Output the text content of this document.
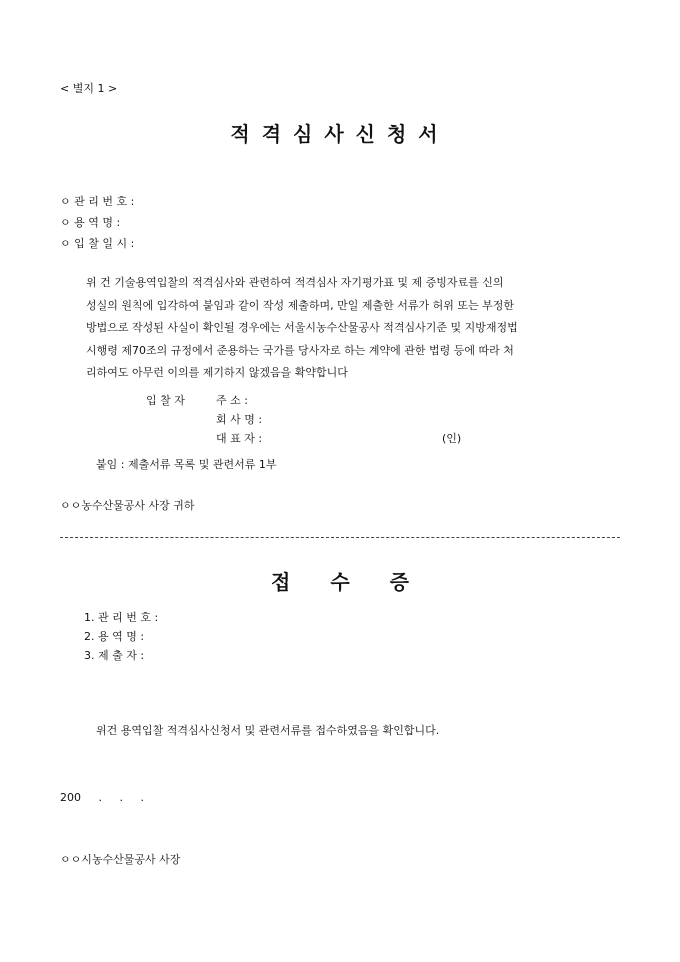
< 별지 1 >
적격심사신청서
ㅇ 관 리 번 호 :
ㅇ 용 역 명 :
ㅇ 입 찰 일 시 :
위 건 기술용역입찰의 적격심사와 관련하여 적격심사 자기평가표 및 제 증빙자료를 신의
성실의 원칙에 입각하여 붙임과 같이 작성 제출하며, 만일 제출한 서류가 허위 또는 부정한
방법으로 작성된 사실이 확인될 경우에는 서울시농수산물공사 적격심사기준 및 지방재정법
시행령 제70조의 규정에서 준용하는 국가를 당사자로 하는 계약에 관한 법령 등에 따라 처
리하여도 아무런 이의를 제기하지 않겠음을 확약합니다
입 찰 자	주 소 :
회 사 명 :
대 표 자 :	(인)
붙임 : 제출서류 목록 및 관련서류 1부
ㅇㅇ농수산물공사 사장 귀하
접수증
1. 관 리 번 호 :
2. 용 역 명 :
3. 제 출 자 :
위건 용역입찰 적격심사신청서 및 관련서류를 접수하였음을 확인합니다.
200     .     .     .
ㅇㅇ시농수산물공사 사장
